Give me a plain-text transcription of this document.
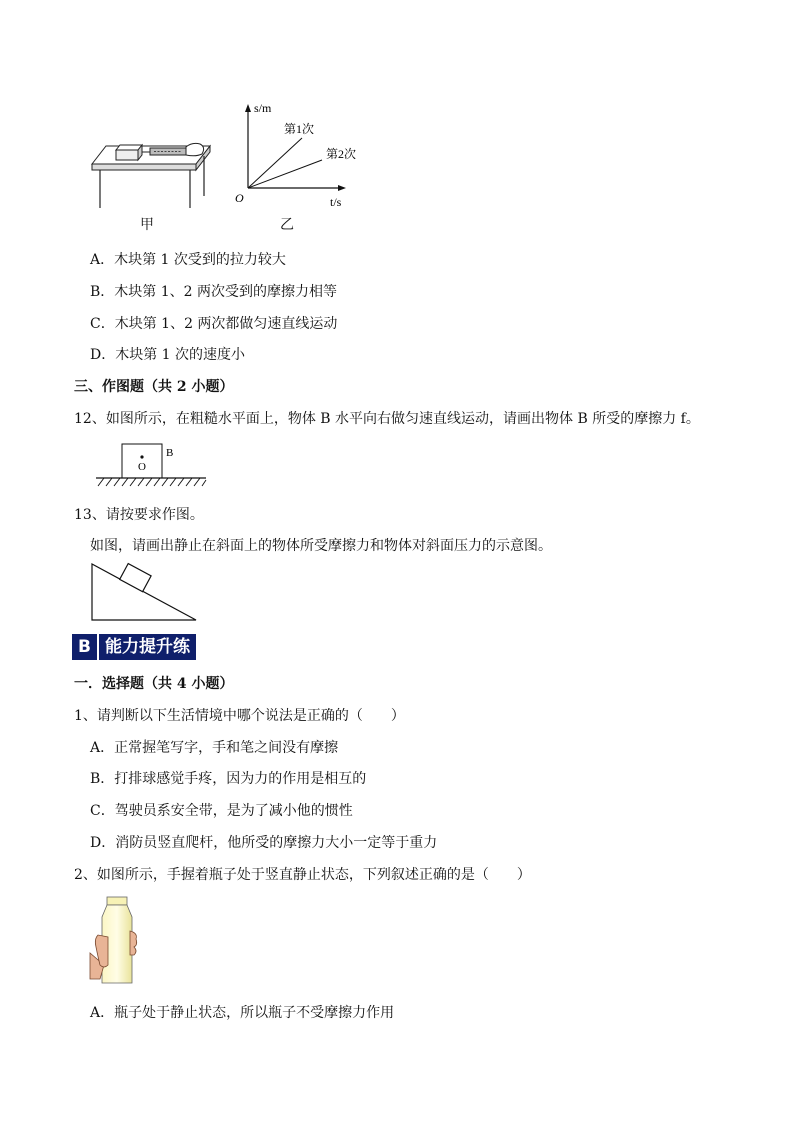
甲
s/m
t/s
O
第1次
第2次
乙
A．木块第 1 次受到的拉力较大
B．木块第 1、2 两次受到的摩擦力相等
C．木块第 1、2 两次都做匀速直线运动
D．木块第 1 次的速度小
三、作图题（共 2 小题）
12、如图所示，在粗糙水平面上，物体 B 水平向右做匀速直线运动，请画出物体 B 所受的摩擦力 f。
O
B
13、请按要求作图。
如图，请画出静止在斜面上的物体所受摩擦力和物体对斜面压力的示意图。
B 能力提升练
一．选择题（共 4 小题）
1、请判断以下生活情境中哪个说法是正确的（　　）
A．正常握笔写字，手和笔之间没有摩擦
B．打排球感觉手疼，因为力的作用是相互的
C．驾驶员系安全带，是为了减小他的惯性
D．消防员竖直爬杆，他所受的摩擦力大小一定等于重力
2、如图所示，手握着瓶子处于竖直静止状态，下列叙述正确的是（　　）
A．瓶子处于静止状态，所以瓶子不受摩擦力作用
